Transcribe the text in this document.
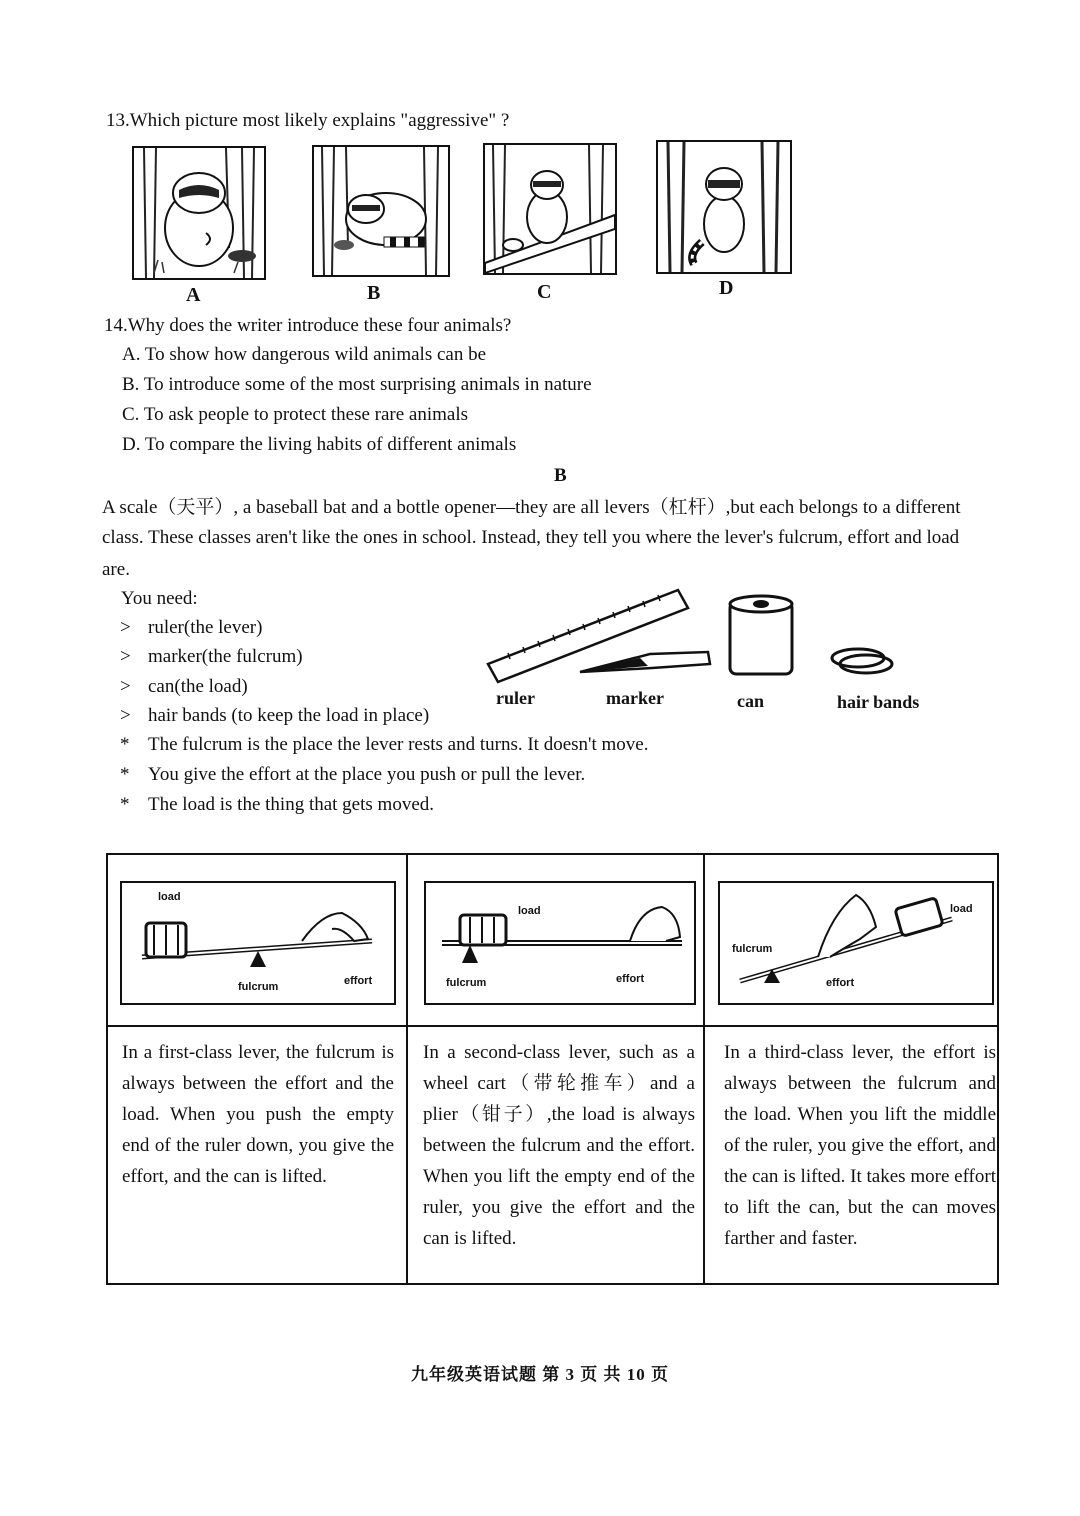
13.Which picture most likely explains "aggressive" ?
A	B	C	D
14.Why does the writer introduce these four animals?
A. To show how dangerous wild animals can be
B. To introduce some of the most surprising animals in nature
C. To ask people to protect these rare animals
D. To compare the living habits of different animals
B
A scale（天平）, a baseball bat and a bottle opener—they are all levers（杠杆）,but each belongs to a different
class. These classes aren't like the ones in school. Instead, they tell you where the lever's fulcrum, effort and load
are.
You need:
> ruler(the lever)
> marker(the fulcrum)
> can(the load)
> hair bands (to keep the load in place)
* The fulcrum is the place the lever rests and turns. It doesn't move.
* You give the effort at the place you push or pull the lever.
* The load is the thing that gets moved.
ruler	marker	can	hair bands
load
fulcrum	effort
load
fulcrum	effort
load
fulcrum
effort
In a first-class lever, the fulcrum is always between the effort and the load. When you push the empty end of the ruler down, you give the effort, and the can is lifted.
In a second-class lever, such as a wheel cart（带轮推车）and a plier（钳子）,the load is always between the fulcrum and the effort. When you lift the empty end of the ruler, you give the effort and the can is lifted.
In a third-class lever, the effort is always between the fulcrum and the load. When you lift the middle of the ruler, you give the effort, and the can is lifted. It takes more effort to lift the can, but the can moves farther and faster.
九年级英语试题 第 3 页 共 10 页
